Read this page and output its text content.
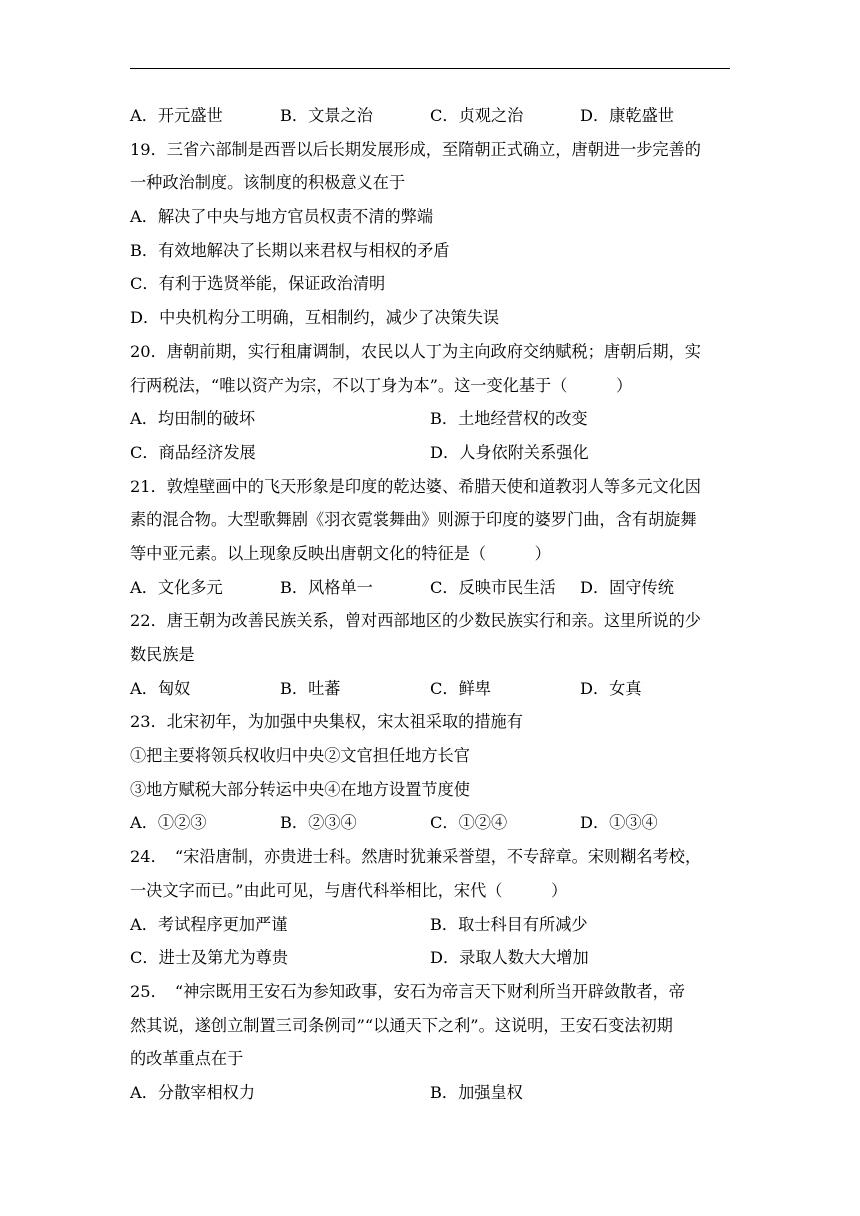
A．开元盛世	B．文景之治	C．贞观之治	D．康乾盛世
19．三省六部制是西晋以后长期发展形成，至隋朝正式确立，唐朝进一步完善的
一种政治制度。该制度的积极意义在于
A．解决了中央与地方官员权责不清的弊端
B．有效地解决了长期以来君权与相权的矛盾
C．有利于选贤举能，保证政治清明
D．中央机构分工明确，互相制约，减少了决策失误
20．唐朝前期，实行租庸调制，农民以人丁为主向政府交纳赋税；唐朝后期，实
行两税法，“唯以资产为宗，不以丁身为本”。这一变化基于（　　　）
A．均田制的破坏	B．土地经营权的改变
C．商品经济发展	D．人身依附关系强化
21．敦煌壁画中的飞天形象是印度的乾达婆、希腊天使和道教羽人等多元文化因
素的混合物。大型歌舞剧《羽衣霓裳舞曲》则源于印度的婆罗门曲，含有胡旋舞
等中亚元素。以上现象反映出唐朝文化的特征是（　　　）
A．文化多元	B．风格单一	C．反映市民生活	D．固守传统
22．唐王朝为改善民族关系，曾对西部地区的少数民族实行和亲。这里所说的少
数民族是
A．匈奴	B．吐蕃	C．鲜卑	D．女真
23．北宋初年，为加强中央集权，宋太祖采取的措施有
①把主要将领兵权收归中央②文官担任地方长官
③地方赋税大部分转运中央④在地方设置节度使
A．①②③	B．②③④	C．①②④	D．①③④
24．　“宋沿唐制，亦贵进士科。然唐时犹兼采誉望，不专辞章。宋则糊名考校，
一决文字而已。”由此可见，与唐代科举相比，宋代（　　　）
A．考试程序更加严谨	B．取士科目有所减少
C．进士及第尤为尊贵	D．录取人数大大增加
25．　“神宗既用王安石为参知政事，安石为帝言天下财利所当开辟敛散者，帝
然其说，遂创立制置三司条例司”“以通天下之利”。这说明，王安石变法初期
的改革重点在于
A．分散宰相权力	B．加强皇权
